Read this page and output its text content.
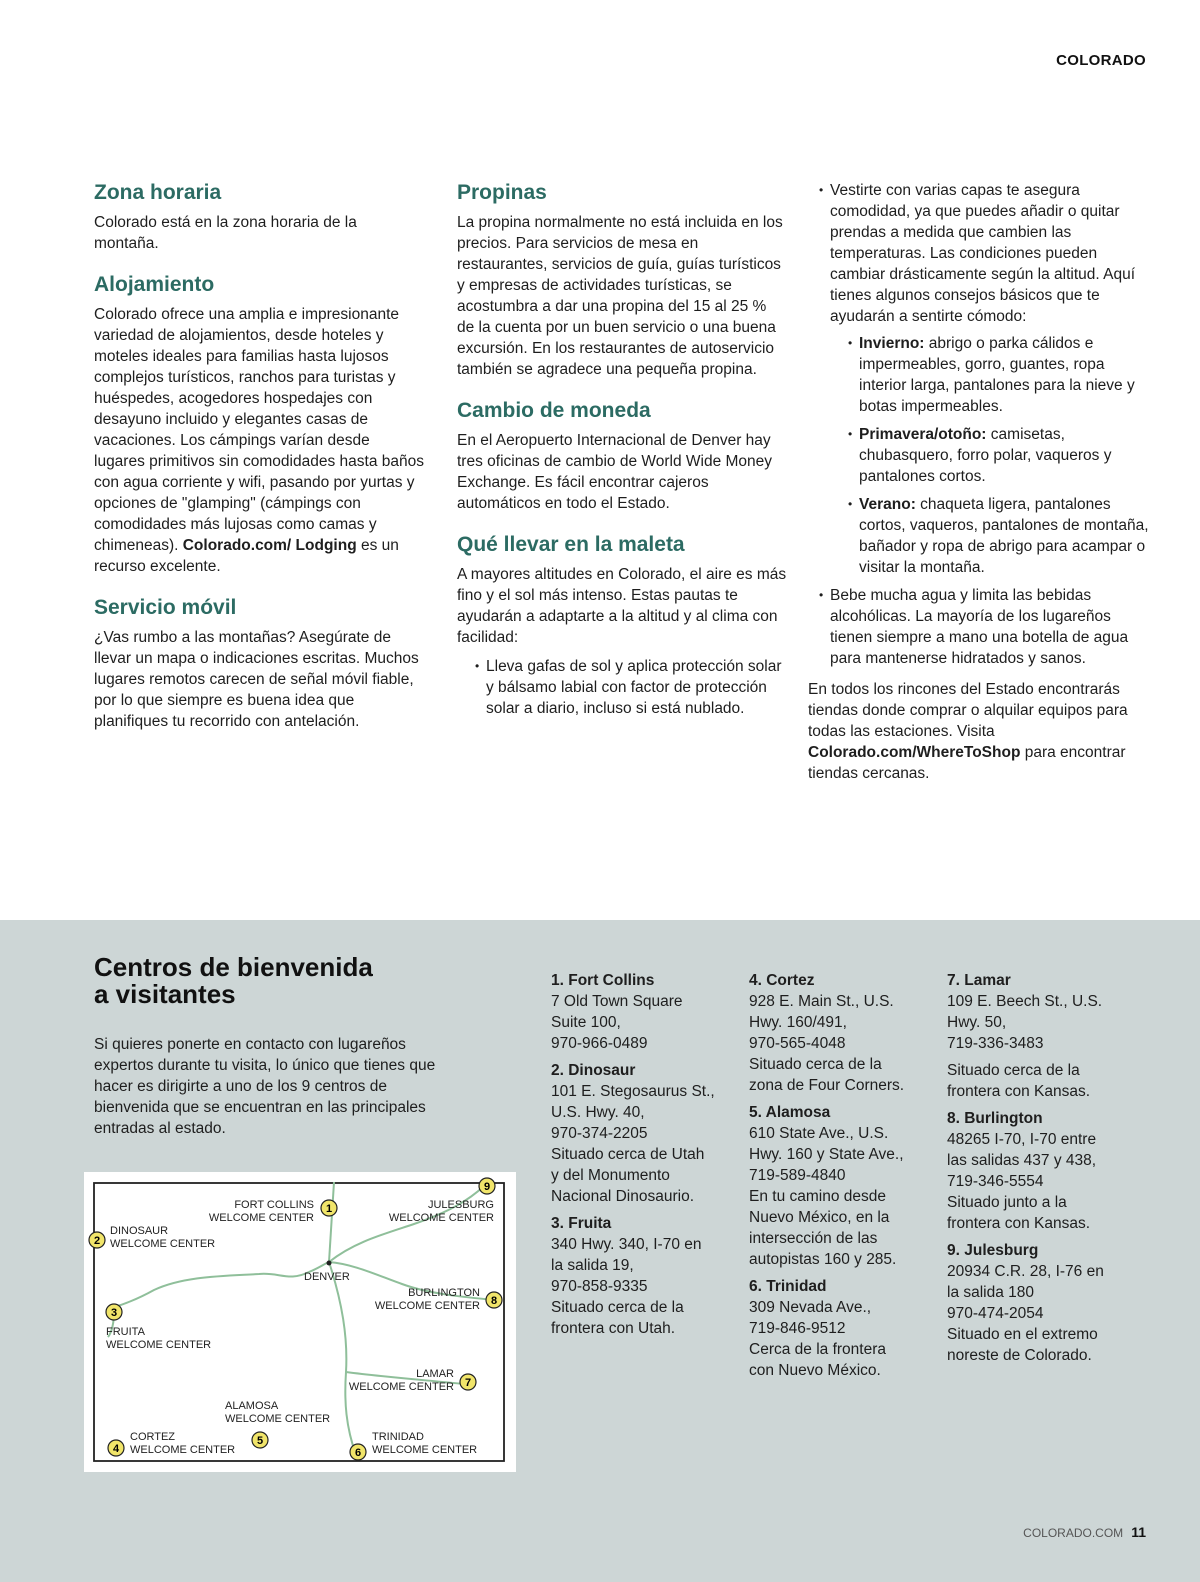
COLORADO
Zona horaria

Colorado está en la zona horaria de la montaña.

Alojamiento

Colorado ofrece una amplia e impresionante variedad de alojamientos, desde hoteles y moteles ideales para familias hasta lujosos complejos turísticos, ranchos para turistas y huéspedes, acogedores hospedajes con desayuno incluido y elegantes casas de vacaciones. Los cámpings varían desde lugares primitivos sin comodidades hasta baños con agua corriente y wifi, pasando por yurtas y opciones de "glamping" (cámpings con comodidades más lujosas como camas y chimeneas). Colorado.com/ Lodging es un recurso excelente.

Servicio móvil

¿Vas rumbo a las montañas? Asegúrate de llevar un mapa o indicaciones escritas. Muchos lugares remotos carecen de señal móvil fiable, por lo que siempre es buena idea que planifiques tu recorrido con antelación.

Propinas

La propina normalmente no está incluida en los precios. Para servicios de mesa en restaurantes, servicios de guía, guías turísticos y empresas de actividades turísticas, se acostumbra a dar una propina del 15 al 25 % de la cuenta por un buen servicio o una buena excursión. En los restaurantes de autoservicio también se agradece una pequeña propina.

Cambio de moneda

En el Aeropuerto Internacional de Denver hay tres oficinas de cambio de World Wide Money Exchange. Es fácil encontrar cajeros automáticos en todo el Estado.

Qué llevar en la maleta

A mayores altitudes en Colorado, el aire es más fino y el sol más intenso. Estas pautas te ayudarán a adaptarte a la altitud y al clima con facilidad:

• Lleva gafas de sol y aplica protección solar y bálsamo labial con factor de protección solar a diario, incluso si está nublado.
• Vestirte con varias capas te asegura comodidad, ya que puedes añadir o quitar prendas a medida que cambien las temperaturas. Las condiciones pueden cambiar drásticamente según la altitud. Aquí tienes algunos consejos básicos que te ayudarán a sentirte cómodo:
• Invierno: abrigo o parka cálidos e impermeables, gorro, guantes, ropa interior larga, pantalones para la nieve y botas impermeables.
• Primavera/otoño: camisetas, chubasquero, forro polar, vaqueros y pantalones cortos.
• Verano: chaqueta ligera, pantalones cortos, vaqueros, pantalones de montaña, bañador y ropa de abrigo para acampar o visitar la montaña.
• Bebe mucha agua y limita las bebidas alcohólicas. La mayoría de los lugareños tienen siempre a mano una botella de agua para mantenerse hidratados y sanos.

En todos los rincones del Estado encontrarás tiendas donde comprar o alquilar equipos para todas las estaciones. Visita Colorado.com/WhereToShop para encontrar tiendas cercanas.

Centros de bienvenida
a visitantes
Si quieres ponerte en contacto con lugareños expertos durante tu visita, lo único que tienes que hacer es dirigirte a uno de los 9 centros de bienvenida que se encuentran en las principales entradas al estado.
FORT COLLINS
WELCOME CENTER
JULESBURG
WELCOME CENTER
DINOSAUR
WELCOME CENTER
DENVER
BURLINGTON
WELCOME CENTER
FRUITA
WELCOME CENTER
LAMAR
WELCOME CENTER
ALAMOSA
WELCOME CENTER
CORTEZ
WELCOME CENTER
TRINIDAD
WELCOME CENTER
1
2
3
4
5
6
7
8
9
1. Fort Collins
7 Old Town Square
Suite 100,
970-966-0489
2. Dinosaur
101 E. Stegosaurus St.,
U.S. Hwy. 40,
970-374-2205
Situado cerca de Utah
y del Monumento
Nacional Dinosaurio.
3. Fruita
340 Hwy. 340, I-70 en
la salida 19,
970-858-9335
Situado cerca de la
frontera con Utah.
4. Cortez
928 E. Main St., U.S.
Hwy. 160/491,
970-565-4048
Situado cerca de la
zona de Four Corners.
5. Alamosa
610 State Ave., U.S.
Hwy. 160 y State Ave.,
719-589-4840
En tu camino desde
Nuevo México, en la
intersección de las
autopistas 160 y 285.
6. Trinidad
309 Nevada Ave.,
719-846-9512
Cerca de la frontera
con Nuevo México.
7. Lamar
109 E. Beech St., U.S.
Hwy. 50,
719-336-3483
Situado cerca de la frontera con Kansas.
8. Burlington
48265 I-70, I-70 entre
las salidas 437 y 438,
719-346-5554
Situado junto a la
frontera con Kansas.
9. Julesburg
20934 C.R. 28, I-76 en
la salida 180
970-474-2054
Situado en el extremo
noreste de Colorado.
COLORADO.COM 11
